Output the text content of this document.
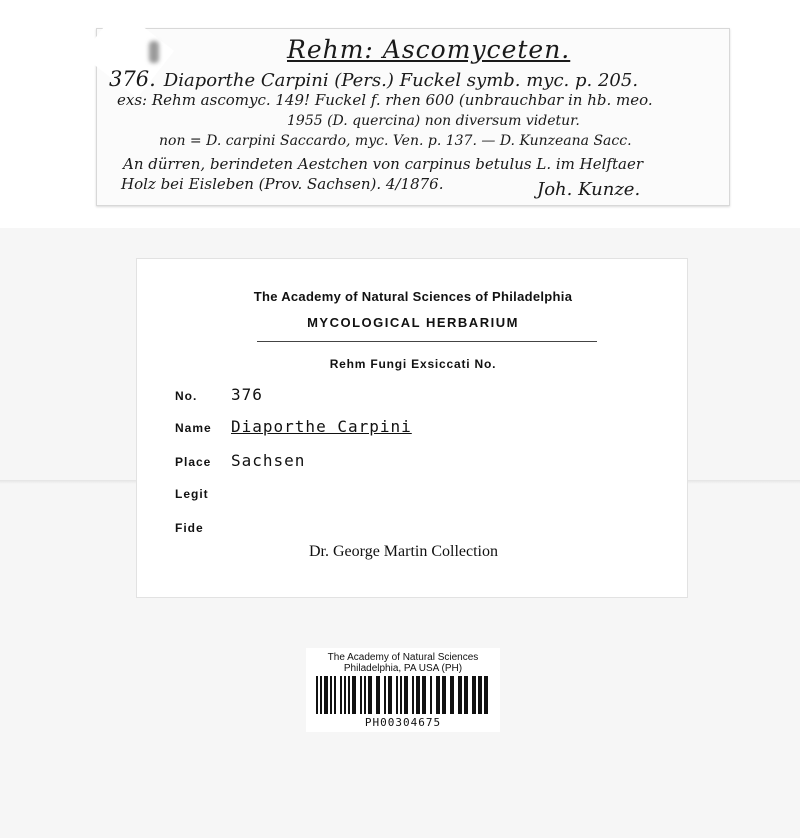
Rehm: Ascomyceten.
376. Diaporthe Carpini (Pers.) Fuckel symb. myc. p. 205.
exs: Rehm ascomyc. 149! Fuckel f. rhen 600 (unbrauchbar in hb. meo.
1955 (D. quercina) non diversum videtur.
non = D. carpini Saccardo, myc. Ven. p. 137. — D. Kunzeana Sacc.
An dürren, berindeten Aestchen von carpinus betulus L. im Helftaer
Holz bei Eisleben (Prov. Sachsen). 4/1876.	Joh. Kunze.
The Academy of Natural Sciences of Philadelphia
MYCOLOGICAL HERBARIUM
Rehm Fungi Exsiccati No.
No. 376
Name Diaporthe Carpini
Place Sachsen
Legit
Fide
Dr. George Martin Collection
The Academy of Natural Sciences
Philadelphia, PA USA (PH)
PH00304675
